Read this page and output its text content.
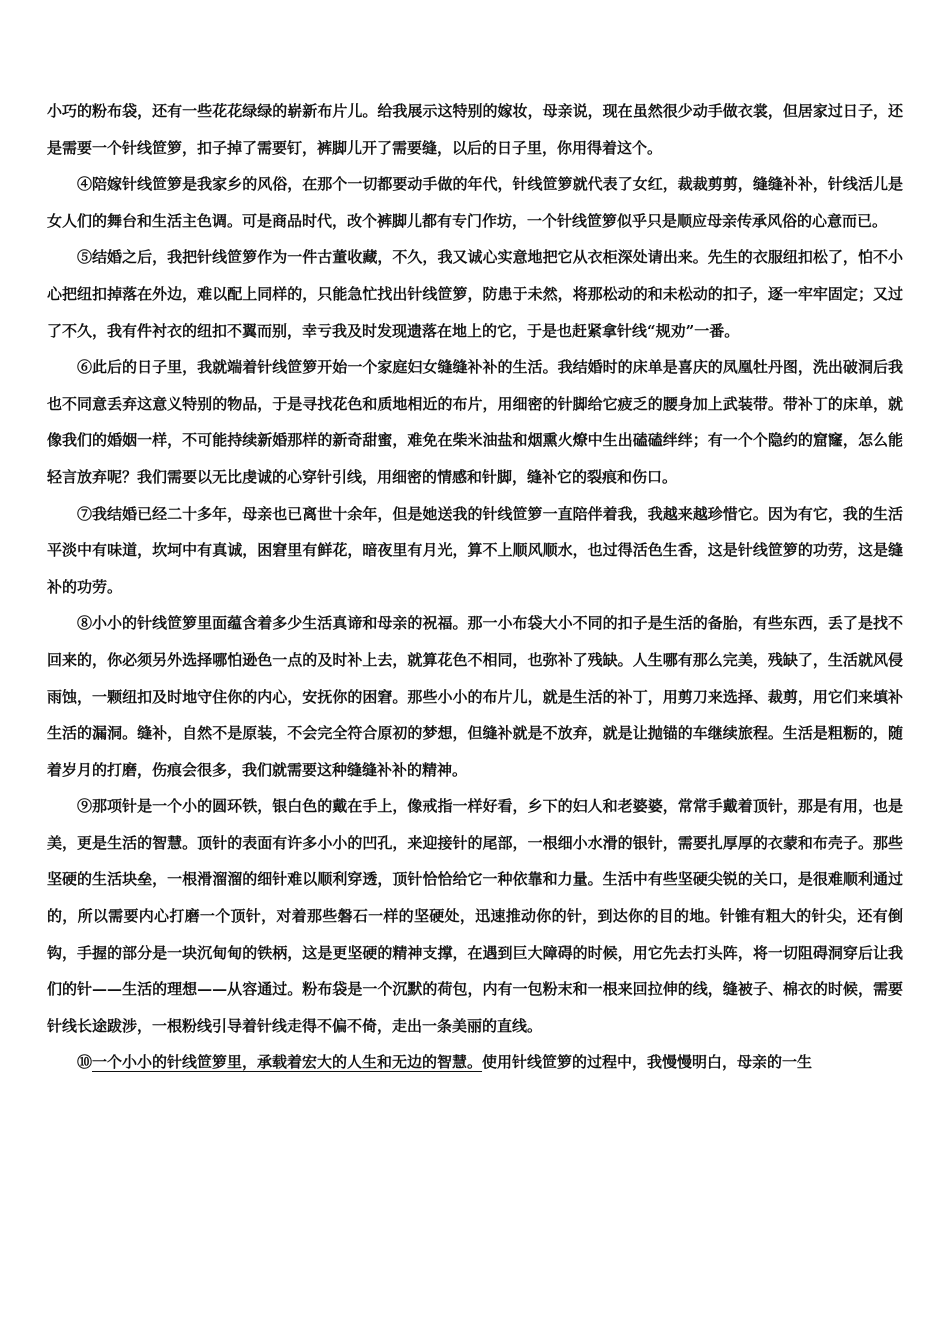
小巧的粉布袋，还有一些花花绿绿的崭新布片儿。给我展示这特别的嫁妆，母亲说，现在虽然很少动手做衣裳，但居家过日子，还是需要一个针线笸箩，扣子掉了需要钉，裤脚儿开了需要缝，以后的日子里，你用得着这个。

④陪嫁针线笸箩是我家乡的风俗，在那个一切都要动手做的年代，针线笸箩就代表了女红，裁裁剪剪，缝缝补补，针线活儿是女人们的舞台和生活主色调。可是商品时代，改个裤脚儿都有专门作坊，一个针线笸箩似乎只是顺应母亲传承风俗的心意而已。

⑤结婚之后，我把针线笸箩作为一件古董收藏，不久，我又诚心实意地把它从衣柜深处请出来。先生的衣服纽扣松了，怕不小心把纽扣掉落在外边，难以配上同样的，只能急忙找出针线笸箩，防患于未然，将那松动的和未松动的扣子，逐一牢牢固定；又过了不久，我有件衬衣的纽扣不翼而别，幸亏我及时发现遗落在地上的它，于是也赶紧拿针线“规劝”一番。

⑥此后的日子里，我就端着针线笸箩开始一个家庭妇女缝缝补补的生活。我结婚时的床单是喜庆的凤凰牡丹图，洗出破洞后我也不同意丢弃这意义特别的物品，于是寻找花色和质地相近的布片，用细密的针脚给它疲乏的腰身加上武装带。带补丁的床单，就像我们的婚姻一样，不可能持续新婚那样的新奇甜蜜，难免在柴米油盐和烟熏火燎中生出磕磕绊绊；有一个个隐约的窟窿，怎么能轻言放弃呢？我们需要以无比虔诚的心穿针引线，用细密的情感和针脚，缝补它的裂痕和伤口。

⑦我结婚已经二十多年，母亲也已离世十余年，但是她送我的针线笸箩一直陪伴着我，我越来越珍惜它。因为有它，我的生活平淡中有味道，坎坷中有真诚，困窘里有鲜花，暗夜里有月光，算不上顺风顺水，也过得活色生香，这是针线笸箩的功劳，这是缝补的功劳。

⑧小小的针线笸箩里面蕴含着多少生活真谛和母亲的祝福。那一小布袋大小不同的扣子是生活的备胎，有些东西，丢了是找不回来的，你必须另外选择哪怕逊色一点的及时补上去，就算花色不相同，也弥补了残缺。人生哪有那么完美，残缺了，生活就风侵雨蚀，一颗纽扣及时地守住你的内心，安抚你的困窘。那些小小的布片儿，就是生活的补丁，用剪刀来选择、裁剪，用它们来填补生活的漏洞。缝补，自然不是原装，不会完全符合原初的梦想，但缝补就是不放弃，就是让抛锚的车继续旅程。生活是粗粝的，随着岁月的打磨，伤痕会很多，我们就需要这种缝缝补补的精神。

⑨那项针是一个小的圆环铁，银白色的戴在手上，像戒指一样好看，乡下的妇人和老婆婆，常常手戴着顶针，那是有用，也是美，更是生活的智慧。顶针的表面有许多小小的凹孔，来迎接针的尾部，一根细小水滑的银针，需要扎厚厚的衣蒙和布壳子。那些坚硬的生活块垒，一根滑溜溜的细针难以顺利穿透，顶针恰恰给它一种依靠和力量。生活中有些坚硬尖锐的关口，是很难顺利通过的，所以需要内心打磨一个顶针，对着那些磐石一样的坚硬处，迅速推动你的针，到达你的目的地。针锥有粗大的针尖，还有倒钩，手握的部分是一块沉甸甸的铁柄，这是更坚硬的精神支撑，在遇到巨大障碍的时候，用它先去打头阵，将一切阻碍洞穿后让我们的针——生活的理想——从容通过。粉布袋是一个沉默的荷包，内有一包粉末和一根来回拉伸的线，缝被子、棉衣的时候，需要针线长途跋涉，一根粉线引导着针线走得不偏不倚，走出一条美丽的直线。

⑩一个小小的针线笸箩里，承载着宏大的人生和无边的智慧。使用针线笸箩的过程中，我慢慢明白，母亲的一生
